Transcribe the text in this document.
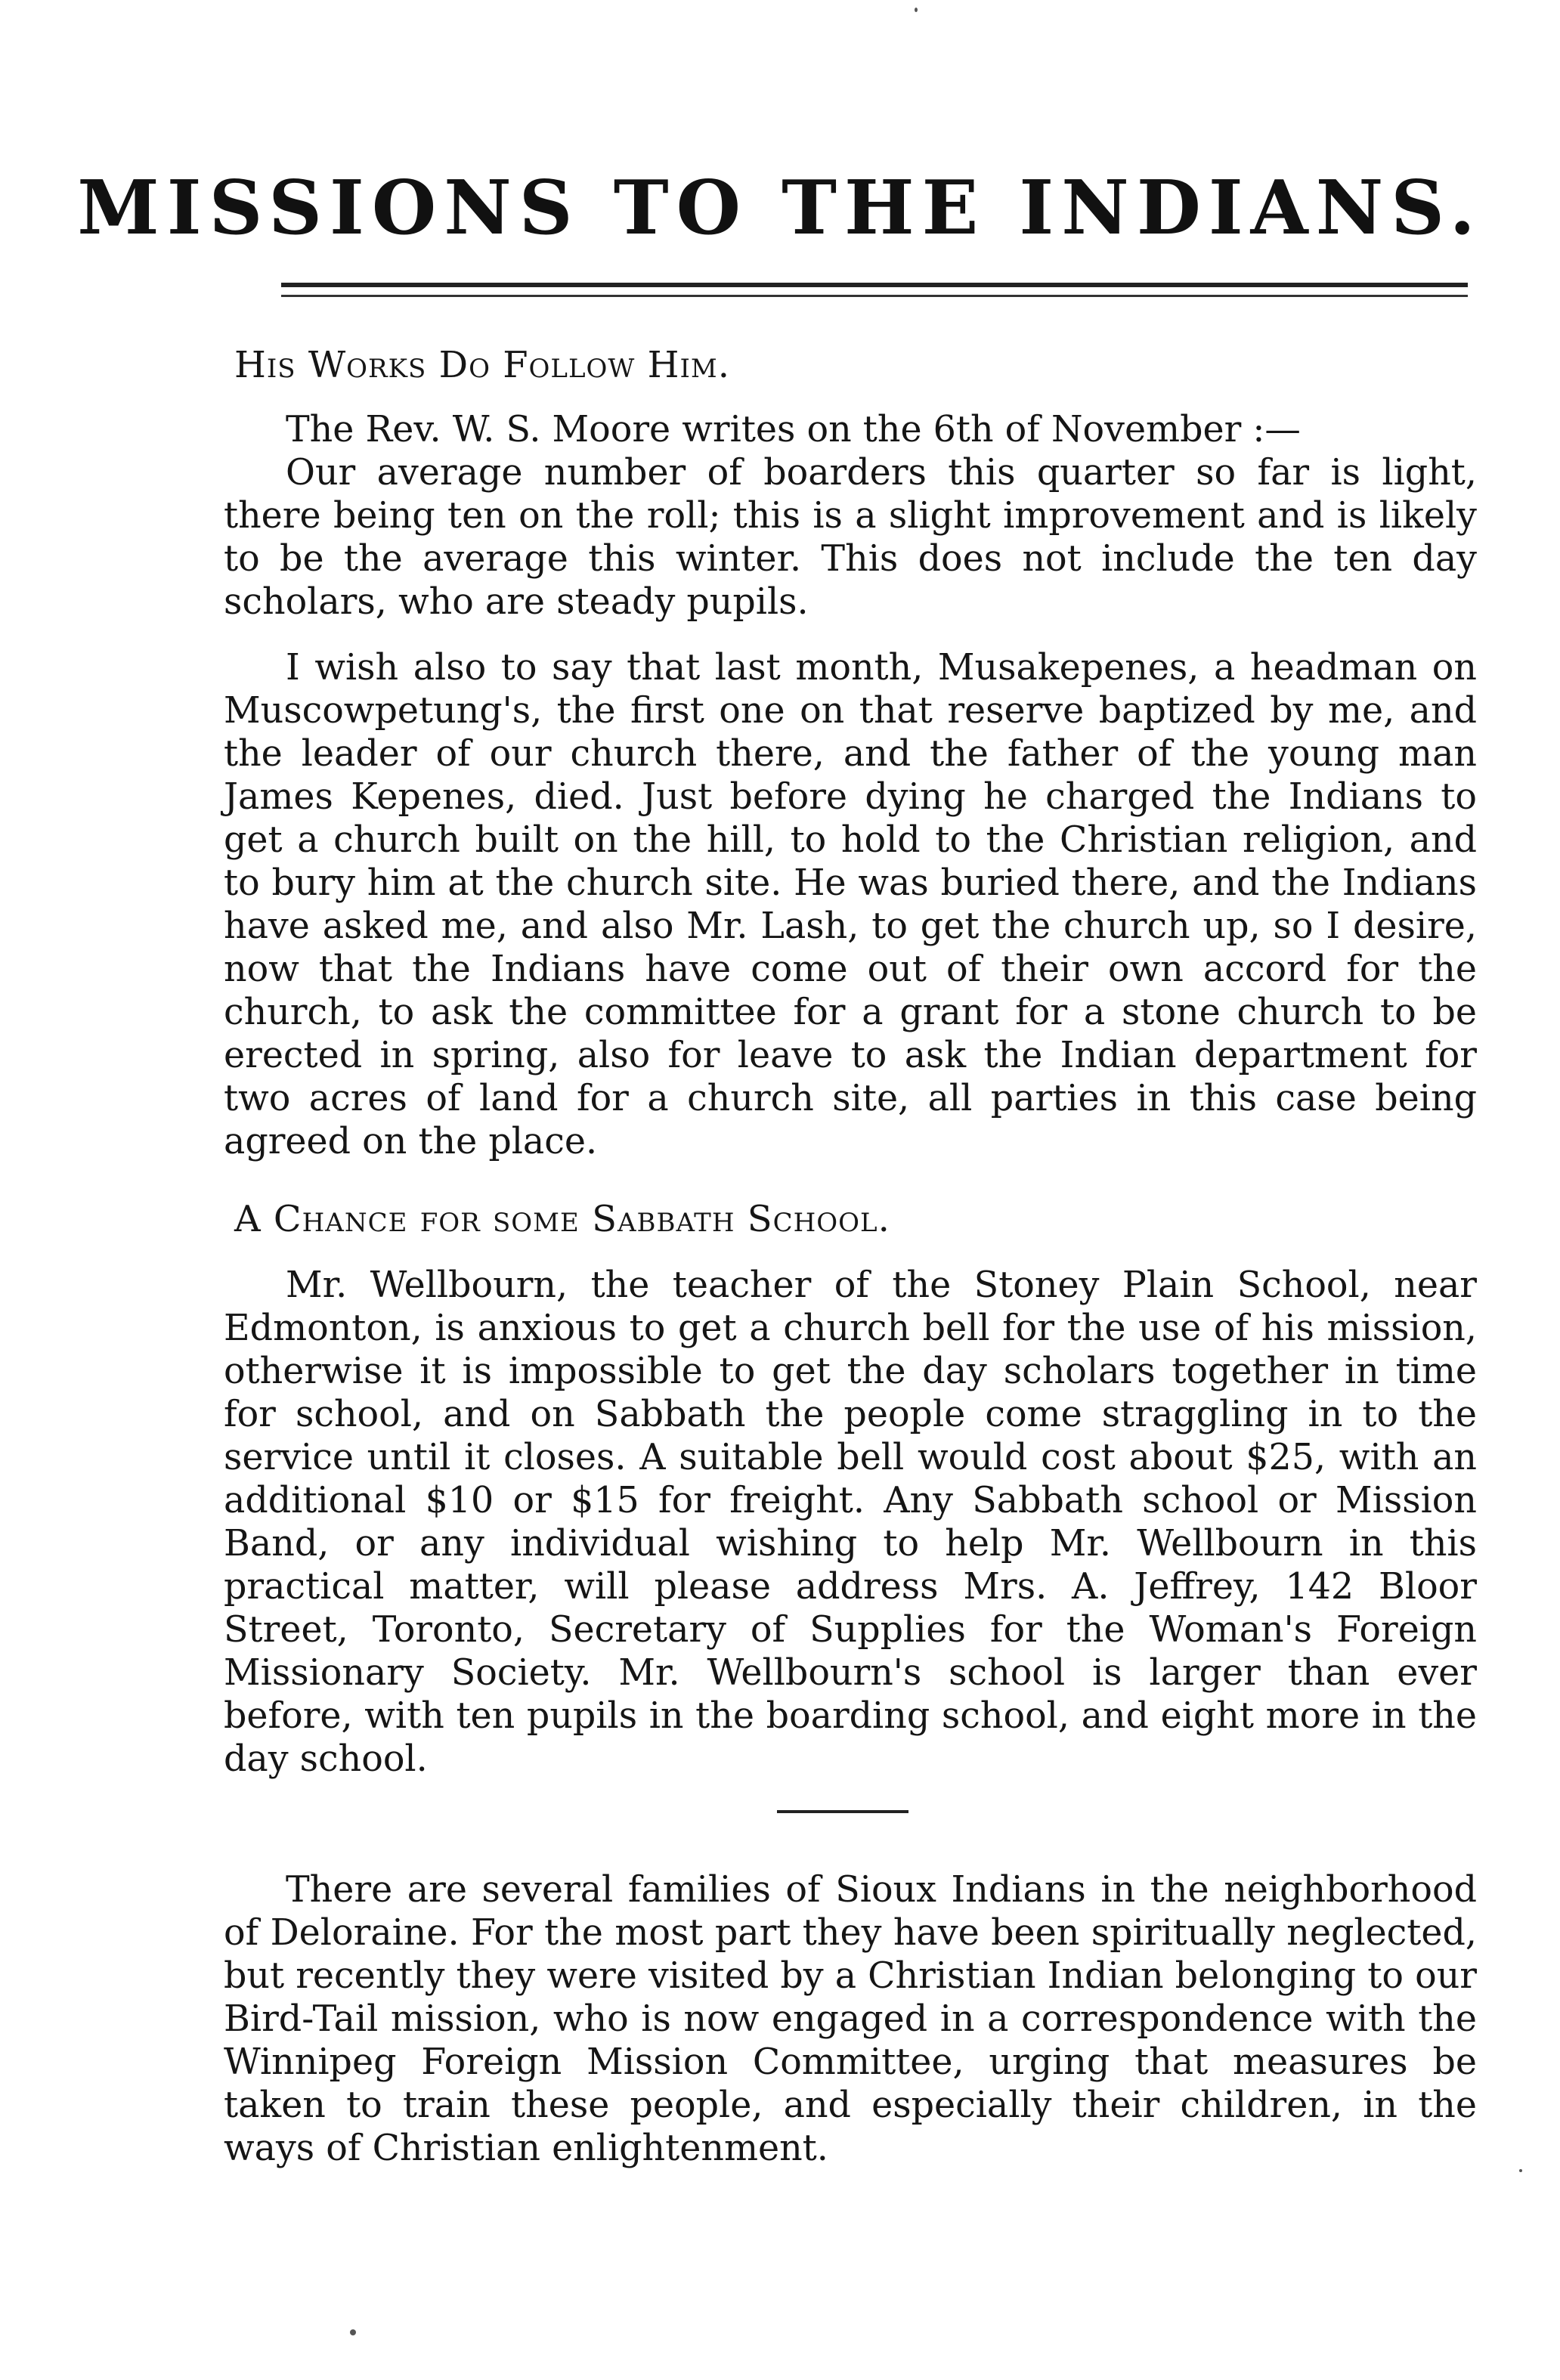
MISSIONS TO THE INDIANS.
His Works Do Follow Him.

The Rev. W. S. Moore writes on the 6th of November :—

Our average number of boarders this quarter so far is light, there being ten on the roll; this is a slight improvement and is likely to be the average this winter. This does not include the ten day scholars, who are steady pupils.

I wish also to say that last month, Musakepenes, a headman on Muscowpetung's, the first one on that reserve baptized by me, and the leader of our church there, and the father of the young man James Kepenes, died. Just before dying he charged the Indians to get a church built on the hill, to hold to the Christian religion, and to bury him at the church site. He was buried there, and the Indians have asked me, and also Mr. Lash, to get the church up, so I desire, now that the Indians have come out of their own accord for the church, to ask the committee for a grant for a stone church to be erected in spring, also for leave to ask the Indian department for two acres of land for a church site, all parties in this case being agreed on the place.

A Chance for some Sabbath School.

Mr. Wellbourn, the teacher of the Stoney Plain School, near Edmonton, is anxious to get a church bell for the use of his mission, otherwise it is impossible to get the day scholars together in time for school, and on Sabbath the people come straggling in to the service until it closes. A suitable bell would cost about $25, with an additional $10 or $15 for freight. Any Sabbath school or Mission Band, or any individual wishing to help Mr. Wellbourn in this practical matter, will please address Mrs. A. Jeffrey, 142 Bloor Street, Toronto, Secretary of Supplies for the Woman's Foreign Missionary Society. Mr. Wellbourn's school is larger than ever before, with ten pupils in the boarding school, and eight more in the day school.

There are several families of Sioux Indians in the neighborhood of Deloraine. For the most part they have been spiritually neglected, but recently they were visited by a Christian Indian belonging to our Bird-Tail mission, who is now engaged in a correspondence with the Winnipeg Foreign Mission Committee, urging that measures be taken to train these people, and especially their children, in the ways of Christian enlightenment.
